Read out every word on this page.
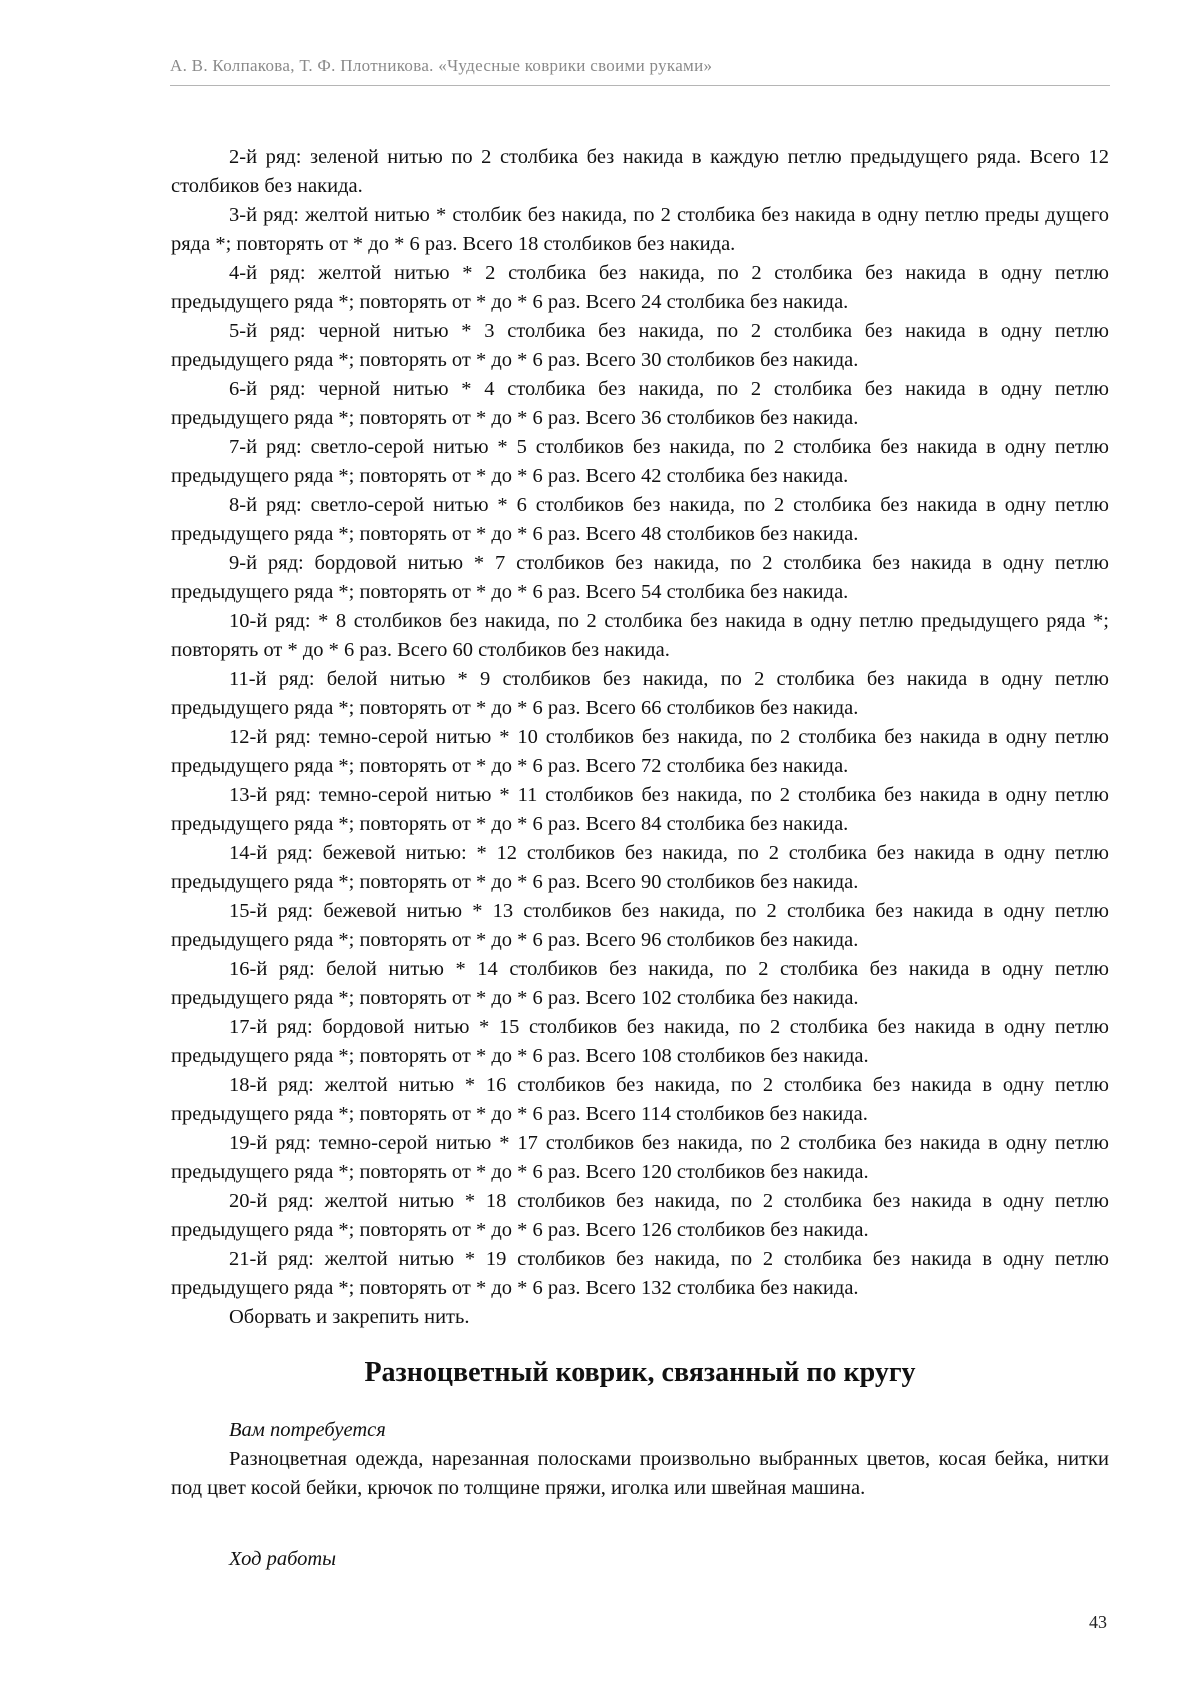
А. В. Колпакова, Т. Ф. Плотникова. «Чудесные коврики своими руками»

2-й ряд: зеленой нитью по 2 столбика без накида в каждую петлю предыдущего ряда. Всего 12 столбиков без накида.

3-й ряд: желтой нитью * столбик без накида, по 2 столбика без накида в одну петлю преды дущего ряда *; повторять от * до * 6 раз. Всего 18 столбиков без накида.

4-й ряд: желтой нитью * 2 столбика без накида, по 2 столбика без накида в одну петлю предыдущего ряда *; повторять от * до * 6 раз. Всего 24 столбика без накида.

5-й ряд: черной нитью * 3 столбика без накида, по 2 столбика без накида в одну петлю предыдущего ряда *; повторять от * до * 6 раз. Всего 30 столбиков без накида.

6-й ряд: черной нитью * 4 столбика без накида, по 2 столбика без накида в одну петлю предыдущего ряда *; повторять от * до * 6 раз. Всего 36 столбиков без накида.

7-й ряд: светло-серой нитью * 5 столбиков без накида, по 2 столбика без накида в одну петлю предыдущего ряда *; повторять от * до * 6 раз. Всего 42 столбика без накида.

8-й ряд: светло-серой нитью * 6 столбиков без накида, по 2 столбика без накида в одну петлю предыдущего ряда *; повторять от * до * 6 раз. Всего 48 столбиков без накида.

9-й ряд: бордовой нитью * 7 столбиков без накида, по 2 столбика без накида в одну петлю предыдущего ряда *; повторять от * до * 6 раз. Всего 54 столбика без накида.

10-й ряд: * 8 столбиков без накида, по 2 столбика без накида в одну петлю предыдущего ряда *; повторять от * до * 6 раз. Всего 60 столбиков без накида.

11-й ряд: белой нитью * 9 столбиков без накида, по 2 столбика без накида в одну петлю предыдущего ряда *; повторять от * до * 6 раз. Всего 66 столбиков без накида.

12-й ряд: темно-серой нитью * 10 столбиков без накида, по 2 столбика без накида в одну петлю предыдущего ряда *; повторять от * до * 6 раз. Всего 72 столбика без накида.

13-й ряд: темно-серой нитью * 11 столбиков без накида, по 2 столбика без накида в одну петлю предыдущего ряда *; повторять от * до * 6 раз. Всего 84 столбика без накида.

14-й ряд: бежевой нитью: * 12 столбиков без накида, по 2 столбика без накида в одну петлю предыдущего ряда *; повторять от * до * 6 раз. Всего 90 столбиков без накида.

15-й ряд: бежевой нитью * 13 столбиков без накида, по 2 столбика без накида в одну петлю предыдущего ряда *; повторять от * до * 6 раз. Всего 96 столбиков без накида.

16-й ряд: белой нитью * 14 столбиков без накида, по 2 столбика без накида в одну петлю предыдущего ряда *; повторять от * до * 6 раз. Всего 102 столбика без накида.

17-й ряд: бордовой нитью * 15 столбиков без накида, по 2 столбика без накида в одну петлю предыдущего ряда *; повторять от * до * 6 раз. Всего 108 столбиков без накида.

18-й ряд: желтой нитью * 16 столбиков без накида, по 2 столбика без накида в одну петлю предыдущего ряда *; повторять от * до * 6 раз. Всего 114 столбиков без накида.

19-й ряд: темно-серой нитью * 17 столбиков без накида, по 2 столбика без накида в одну петлю предыдущего ряда *; повторять от * до * 6 раз. Всего 120 столбиков без накида.

20-й ряд: желтой нитью * 18 столбиков без накида, по 2 столбика без накида в одну петлю предыдущего ряда *; повторять от * до * 6 раз. Всего 126 столбиков без накида.

21-й ряд: желтой нитью * 19 столбиков без накида, по 2 столбика без накида в одну петлю предыдущего ряда *; повторять от * до * 6 раз. Всего 132 столбика без накида.

Оборвать и закрепить нить.

Разноцветный коврик, связанный по кругу

Вам потребуется

Разноцветная одежда, нарезанная полосками произвольно выбранных цветов, косая бейка, нитки под цвет косой бейки, крючок по толщине пряжи, иголка или швейная машина.

Ход работы

43
